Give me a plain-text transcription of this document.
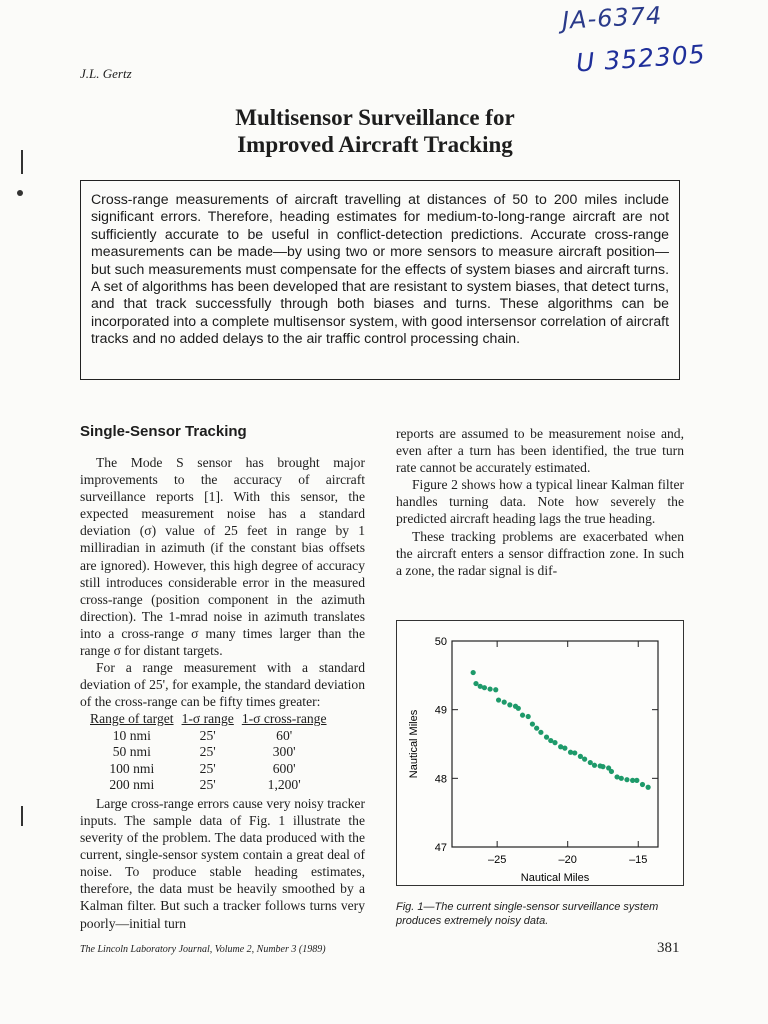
JA-6374
U 352305
J.L. Gertz
Multisensor Surveillance for
Improved Aircraft Tracking
Cross-range measurements of aircraft travelling at distances of 50 to 200 miles include significant errors. Therefore, heading estimates for medium-to-long-range aircraft are not sufficiently accurate to be useful in conflict-detection predictions. Accurate cross-range measurements can be made—by using two or more sensors to measure aircraft position—but such measurements must compensate for the effects of system biases and aircraft turns. A set of algorithms has been developed that are resistant to system biases, that detect turns, and that track successfully through both biases and turns. These algorithms can be incorporated into a complete multisensor system, with good intersensor correlation of aircraft tracks and no added delays to the air traffic control processing chain.
Single-Sensor Tracking

The Mode S sensor has brought major improvements to the accuracy of aircraft surveillance reports [1]. With this sensor, the expected measurement noise has a standard deviation (σ) value of 25 feet in range by 1 milliradian in azimuth (if the constant bias offsets are ignored). However, this high degree of accuracy still introduces considerable error in the measured cross-range (position component in the azimuth direction). The 1-mrad noise in azimuth translates into a cross-range σ many times larger than the range σ for distant targets.

For a range measurement with a standard deviation of 25', for example, the standard deviation of the cross-range can be fifty times greater:

Range of target	1-σ range	1-σ cross-range
10 nmi	25'	60'
50 nmi	25'	300'
100 nmi	25'	600'
200 nmi	25'	1,200'

Large cross-range errors cause very noisy tracker inputs. The sample data of Fig. 1 illustrate the severity of the problem. The data produced with the current, single-sensor system contain a great deal of noise. To produce stable heading estimates, therefore, the data must be heavily smoothed by a Kalman filter. But such a tracker follows turns very poorly—initial turn

reports are assumed to be measurement noise and, even after a turn has been identified, the true turn rate cannot be accurately estimated.

Figure 2 shows how a typical linear Kalman filter handles turning data. Note how severely the predicted aircraft heading lags the true heading.

These tracking problems are exacerbated when the aircraft enters a sensor diffraction zone. In such a zone, the radar signal is dif-

47
48
49
50
–25	–20	–15
Nautical Miles
Nautical Miles
Fig. 1—The current single-sensor surveillance system produces extremely noisy data.
The Lincoln Laboratory Journal, Volume 2, Number 3 (1989)	381
